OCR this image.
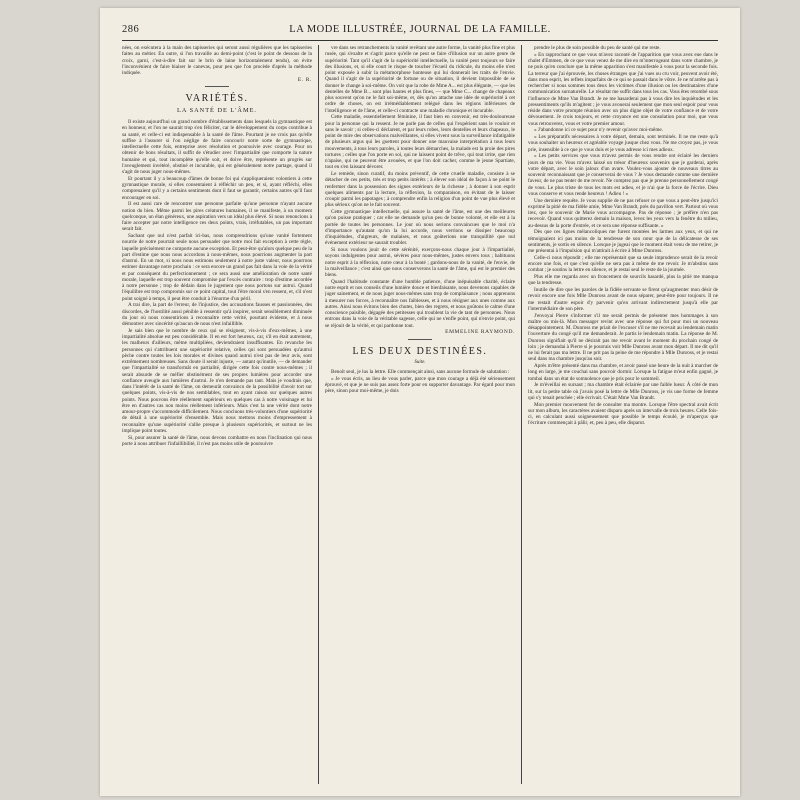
286	LA MODE ILLUSTRÉE, JOURNAL DE LA FAMILLE.

nées, on exécutera à la main des tapisseries qui seront aussi régulières que les tapisseries faites au métier. En outre, si l'on travaille au demi-point (c'est le point de dessous de la croix, garni, c'est-à-dire fait sur le brin de laine horizontalement tendu), on évite l'inconvénient de faire biaiser le canevas, pour peu que l'on procède d'après la méthode indiquée.

E. R.

VARIÉTÉS.
LA SANTÉ DE L'ÂME.

Il existe aujourd'hui un grand nombre d'établissements dans lesquels la gymnastique est en honneur, et l'on ne saurait trop s'en féliciter, car le développement du corps contribue à sa santé, et celle-ci est indispensable à la santé de l'âme. Pourtant je ne crois pas qu'elle suffise à l'assurer si l'on néglige de faire concourir notre sorte de gymnastique, intellectuelle cette fois, entreprise avec résolution et poursuivie avec courage. Pour on obtenir de bons résultats, il suffit de s'étudier avec l'impartialité que comporte la nature humaine et qui, tout incomplète qu'elle soit, et doive être, représente un progrès sur l'aveuglement invétéré, obstiné et incurable, qui est généralement notre partage, quand il s'agit de nous juger nous-mêmes.

Et pourtant il y a beaucoup d'âmes de bonne foi qui s'appliqueraient volontiers à cette gymnastique morale, si elles consentaient à réfléchir un peu, et si, ayant réfléchi, elles comprenaient qu'il y a certains sentiments dont il faut se garantir, certains autres qu'il faut encourager en soi.

Il est aussi rare de rencontrer une personne parfaite qu'une personne n'ayant aucune notion du bien. Même parmi les pires créatures humaines, il se manifeste, à un moment quelconque, un élan généreux, une aspiration vers un idéal plus élevé. Si nous renoncions à faire accepter par notre intelligence ces deux points, vrais, irréfutables, un pas important serait fait.

Sachant que nul n'est parfait ici-bas, nous comprendrions qu'une vanité fortement nourrie de notre pourrait seule nous persuader que notre moi fait exception à cette règle, laquelle précisément ne comporte aucune exception. Et peut-être qu'alors quelque peu de la part d'estime que nous nous accordons à nous-mêmes, nous pourrions augmenter la part d'autrui. En un mot, si nous nous estimons seulement à notre juste valeur, nous pourrons estimer davantage notre prochain : ce sera encore un grand pas fait dans la voie de la vérité et par conséquent du perfectionnement ; ce sera aussi une amélioration de notre santé morale, laquelle est trop souvent compromise par l'excès contraire : trop d'estime accordée à notre personne ; trop de dédain dans le jugement que nous portons sur autrui. Quand l'équilibre est trop compromis sur ce point capital, tout l'être moral s'en ressent, et, s'il n'est point soigné à temps, il peut être conduit à l'énorme d'un péril.

A trai dire, la part de l'erreur, de l'injustice, des accusations fausses et passionnées, des discordes, de l'hostilité aussi pénible à ressentir qu'à inspirer, serait sensiblement diminuée du jour où nous consentirions à reconnaître cette vérité, pourtant évidente, et à nous démontrer avec sincérité qu'aucun de nous n'est infaillible.

Je sais bien que le nombre de ceux qui se résignent, vis-à-vis d'eux-mêmes, à une impartialité absolue est peu considérable. Il en est fort heureux, car, s'il en était autrement, les malheurs d'ailleurs, même multipliées, deviendraient insuffisantes. En revanche les personnes qui s'attribuent une supériorité relative, celles qui sont persuadées qu'autrui pèche contre toutes les lois morales et divines quand autrui n'est pas de leur avis, sont extrêmement nombreuses. Sans doute il serait injuste, — autant qu'inutile, — de demander que l'impartialité se transformât en partialité, dirigée cette fois contre nous-mêmes ; il serait absurde de se méfier obstinément de ses propres lumières pour accorder une confiance aveugle aux lumières d'autrui. Je n'en demande pas tant. Mais je voudrais que, dans l'intérêt de la santé de l'âme, on demeurât convaincu de la possibilité d'avoir tort sur quelques points, vis-à-vis de nos semblables, tout en ayant raison sur quelques autres points. Nous pouvons être réellement supérieurs en quelques cas à notre voisinage et lui être en d'autres cas non moins réellement inférieurs. Mais c'est la une vérité dont notre amour-propre s'accommode difficilement. Nous concluons très-volontiers d'une supériorité de détail à une supériorité d'ensemble. Mais nous mettons moins d'empressement à reconnaître qu'une supériorité s'allie presque à plusieurs supériorités, et surtout ne les implique point toutes.

Si, pour assurer la santé de l'âme, nous devons combattre en nous l'inclination qui nous porte à nous attribuer l'infaillibilité, il n'est pas moins utile de poursuivre

vre dans ses retranchements la vanité revêtant une autre forme, la vanité plus fine et plus rusée, qui s'exalte et s'agrit parce qu'elle ne peut se faire d'illusion sur un autre genre de supériorité. Tant qu'il s'agit de la supériorité intellectuelle, la vanité peut toujours se faire des illusions, et, si elle court le risque de toucher l'écueil du ridicule, du moins elle n'est point exposée à subir la métamorphose honteuse qui lui donnerait les traits de l'envie. Quand il s'agit de la supériorité de fortune ou de situation, il devient impossible de se donner le change à soi-même. On voit que la robe de Mme A... est plus élégante, — que les dentelles de Mme B... sont plus hautes et plus fines, — que Mme C... change de chapeaux plus souvent qu'on ne le fait soi-même, et, dès qu'on attache une idée de supériorité à cet ordre de choses, on est irrémédiablement relégué dans les régions inférieures de l'intelligence et de l'âme, et celle-ci contracte une maladie chronique et incurable.

Cette maladie, essentiellement féminine, il faut bien en convenir, est très-douloureuse pour la personne qui la ressent. Je ne parle pas de celles qui l'expérient sans le vouloir et sans le savoir ; si celles-ci déclarent, et par leurs robes, leurs dentelles et leurs chapeaux, le point de mire des observations malveillantes, si elles vivent sous la surveillance infatigable de plusieurs argus qui les guettent pour donner une mauvaise interprétation à tous leurs mouvements, à tous leurs paroles, à toutes leurs démarches, la malade est la proie des pires tortures ; celles que l'on porte en soi, qui ne laissent point de trêve, qui tout irrite, que rien n'apaise, qui ne peuvent être avouées, et que l'on doit cacher, comme le jeune Spartiate, tout en s'en laissant dévorer.

Le remède, sinon curatif, du moins préventif, de cette cruelle maladie, consiste à se détacher de ces petits, très et trop petits intérêts ; à élever son idéal de façon à ne point le renfermer dans la possession des signes extérieurs de la richesse ; à donner à son esprit quelques aliments par la lecture, la réflexion, la comparaison, en évitant de le laisser croupir parmi les papotages ; à comprendre enfin la religion d'un point de vue plus élevé et plus sérieux qu'on ne le fait souvent.

Cette gymnastique intellectuelle, qui assure la santé de l'âme, est une des meilleures qu'on puisse pratiquer ; car elle ne demande qu'un peu de bonne volonté, et elle est à la portée de toutes les personnes. Le jour où nous serions convaincues que le moi n'a d'importance qu'autant qu'on la lui accorde, nous verrions se dissiper beaucoup d'inquiétudes, d'aigreurs, de malaises, et nous goûterions une tranquillité que nul événement extérieur ne saurait troubler.

Si nous voulons jouir de cette sérénité, exerçons-nous chaque jour à l'impartialité, soyons indulgentes pour autrui, sévères pour nous-mêmes, justes envers tous ; habituons notre esprit à la réflexion, notre cœur à la bonté ; gardons-nous de la vanité, de l'envie, de la malveillance ; c'est ainsi que nous conserverons la santé de l'âme, qui est le premier des biens.

Quand l'habitude constante d'une humble patience, d'une inépuisable charité, éclaire notre esprit et nos conseils d'une lumière douce et bienfaisante, nous devenons capables de juger sainement, et de nous juger nous-mêmes sans trop de complaisance ; nous apprenons à mesurer nos forces, à reconnaître nos faiblesses, et à nous résigner aux unes comme aux autres. Ainsi nous évitons bien des chutes, bien des regrets, et nous goûtons le calme d'une conscience paisible, dégagée des petitesses qui troublent la vie de tant de personnes. Nous entrons dans la voie de la véritable sagesse, celle qui ne s'enfle point, qui n'envie point, qui se réjouit de la vérité, et qui pardonne tout.

EMMELINE RAYMOND.

LES DEUX DESTINÉES.
Suite.

Benoît seul, je lus la lettre. Elle commençait ainsi, sans aucune formule de salutation :

« Je vous écris, au lieu de vous parler, parce que mon courage a déjà été sérieusement éprouvé, et que je ne suis pas assez forte pour en supporter davantage. Par égard pour mon père, sinon pour moi-même, je dois

prendre le plus de soin possible du peu de santé qui me reste.

« En rapprochant ce que vous m'avez raconté de l'apparition que vous avez eue dans le chalet d'Emmen, de ce que vous venez de me dire en m'interrogeant dans votre chambre, je ne puis qu'en conclure que la même apparition s'est manifestée à vous pour la seconde fois. La terreur que j'ai éprouvée, les choses étranges que j'ai vues ou cru voir, peuvent avoir été, dans mon esprit, les reflets imparfaits de ce qui se passait dans le vôtre. Je ne m'arrête pas à rechercher si nous sommes tous deux les victimes d'une illusion ou les destinataires d'une communication surnaturelle. Le résultat me suffit dans tous les cas. Vous êtes retombé sous l'influence de Mme Van Brandt. Je ne me hasarderai pas à vous dire les inquiétudes et les pressentiments qu'ils m'agitent ; je vous avouerai seulement que mon seul espoir pour vous réside dans votre prompte réunion avec un plus digne objet de votre confiance et de votre dévouement. Je crois toujours, et cette croyance est une consolation pour moi, que vous vous retrouverez, vous et votre premier amour.

« J'abandonne ici ce sujet pour n'y revenir qu'avec moi-même.

« Les préparatifs nécessaires à votre départ, demain, sont terminés. Il ne me reste qu'à vous souhaiter un heureux et agréable voyage jusque chez vous. Ne me croyez pas, je vous prie, insensible à ce que je vous dois et je vous adresse ici mes adieux.

« Les petits services que vous m'avez permis de vous rendre ont éclairé les derniers jours de ma vie. Vous m'avez laissé un trésor d'heureux souvenirs que je garderai, après votre départ, avec le soin jaloux d'un avare. Voulez-vous ajouter de nouveaux titres au souvenir reconnaissant que je conserverai de vous ? Je vous demande comme une dernière faveur, de ne pas tenter de me revoir. Ne comptez pas que je prenne personnellement congé de vous. Le plus triste de tous les mots est adieu, et je n'ai que la force de l'écrire. Dieu vous conserve et vous rende heureux ! Adieu ! »

Une dernière requête. Je vous supplie de ne pas refuser ce que vous a peut-être jusqu'ici exprimé la pitié de ma fidèle amie, Mme Van Brandt, près du pavillon vert. Partout où vous irez, que le souvenir de Marie vous accompagne. Pas de réponse ; je préfère n'en pas recevoir. Quand vous quitterez demain la maison, levez les yeux vers la fenêtre du milieu, au-dessus de la porte d'entrée, et ce sera une réponse suffisante. »

Dès que ces lignes mélancoliques me furent montées les larmes aux yeux, et qui ne témoignaient ici pas moins de la tendresse de son cœur que de la délicatesse de ses sentiments, je sortis en silence. Lorsque je jugeai que le moment était venu de me retirer, je me présentai à l'impulsion qui m'attirait à écrire à Mme Dunross.

Celle-ci nous répondit ; elle me représentait que sa seule imprudence serait de la revoir encore une fois, et que c'est qu'elle ne sera pas à même de me revoir. Je m'abstins sans combat ; je soutins la lettre en silence, et je restai seul le reste de la journée.

Plus elle me regarda avec un froncement de sourcils hasardé, plus la pitié me manqua que la tendresse.

Inutile de dire que les paroles de la fidèle servante se firent qu'augmenter mon désir de revoir encore une fois Mlle Dunross avant de nous séparer, peut-être pour toujours. Il ne me restait d'autre espoir d'y parvenir qu'en arrivant indirectement jusqu'à elle par l'intermédiaire de son père.

J'envoyai Pierre s'informer s'il me serait permis de présenter mes hommages à son maître ou mis-là. Mon messager revint avec une réponse qui fut pour moi un nouveau désappointement. M. Dunross me priait de l'excuser s'il ne me recevait au lendemain matin l'ouverture du congé qu'il me demanderait. Je partis le lendemain matin. La réponse de M. Dunross signifiait qu'il ne désirait pas me revoir avant le moment du prochain congé de loin ; je demandai à Pierre si je pourrais voir Mlle Dunross avant mon départ. Il me dit qu'il ne lui ferait pas ma lettre. Il ne prit pas la peine de me répondre à Mlle Dunross, et je restai seul dans ma chambre jusqu'au soir.

Après m'être présenté dans ma chambre, et avoir passé une heure de la nuit à marcher de long en large, je me couchai sans pouvoir dormir. Lorsque la fatigue m'eut enfin gagné, je tombai dans un état de somnolence que je pris pour le sommeil.

Je m'éveillai en sursaut ; ma chambre était éclairée par une faible lueur. À côté de mon lit, sur la petite table où j'avais posé la lettre de Mlle Dunross, je vis une forme de femme qui s'y tenait penchée ; elle écrivait. C'était Mme Van Brandt.

Mon premier mouvement fut de consulter ma montre. Lorsque l'être spectral avait écrit sur mon album, les caractères avaient disparu après un intervalle de trois heures. Celle fois-ci, en calculant aussi soigneusement que possible le temps écoulé, je m'aperçus que l'écriture commençait à pâlir, et, peu à peu, elle disparut.
